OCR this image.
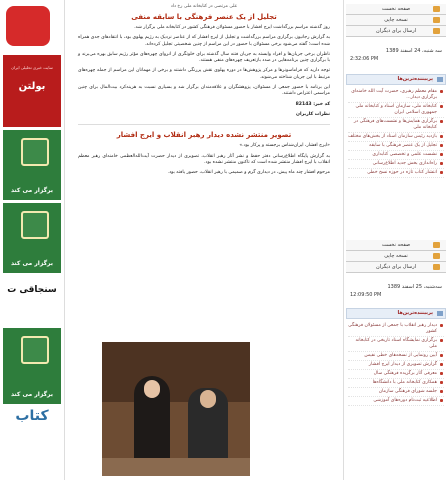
صفحه نخست
نسخه چاپی
ارسال برای دیگران
سه شنبه، 24 اسفند 1389
2:32:06 PM
پربیننده‌ترین‌ها
مقام معظم رهبری، حضرت آیت الله خامنه‌ای برگزاری دیدار...
کتابخانه ملی، سازمان اسناد و کتابخانه ملی جمهوری اسلامی ایران
برگزاری همایش‌ها و نشست‌های فرهنگی در کتابخانه ملی
بازدید رئیس سازمان اسناد از بخش‌های مختلف
تجلیل از یک عنصر فرهنگی با سابقه
نشست علمی و تخصصی کتابداری
راه‌اندازی بخش جدید اطلاع‌رسانی
انتشار کتاب تازه در حوزه نسخ خطی
صفحه نخست
نسخه چاپی
ارسال برای دیگران
سه‌شنبه، 25 اسفند 1389
12:09:50 PM
پربیننده‌ترین‌ها
دیدار رهبر انقلاب با جمعی از مسئولان فرهنگی کشور
برگزاری نمایشگاه اسناد تاریخی در کتابخانه ملی
آیین رونمایی از نسخه‌های خطی نفیس
گزارش تصویری از دیدار ایرج افشار
معرفی آثار برگزیده فرهنگی سال
همکاری کتابخانه ملی با دانشگاه‌ها
جلسه شورای فرهنگی سازمان
اطلاعیه ثبت‌نام دوره‌های آموزشی
سایت خبری تحلیلی ایران
بولتن
برگزار می کند
برگزار می کند
سنجاقی ت
برگزار می کند
کتاب
علی مرتضی در کتابخانه ملی رخ داد
تجلیل از یک عنصر فرهنگی با سابقه منفی
روز گذشته مراسم بزرگداشت ایرج افشار با حضور مسئولان فرهنگی کشور در کتابخانه ملی برگزار شد.
به گزارش رجانیوز، برگزاری مراسم بزرگداشت و تجلیل از ایرج افشار که از عناصر نزدیک به رژیم پهلوی بود، با انتقادهای جدی همراه شده است؛ گفته می‌شود برخی مسئولان با حضور در این مراسم از چنین شخصیتی تجلیل کرده‌اند.
ناظران برخی جریان‌ها و افراد وابسته به جریان فتنه سال گذشته برای خلوتگری از انزوای چهره‌های مؤثر رژیم سابق بهره می‌برند و با برگزاری چنین برنامه‌هایی در صدد بازتعریف چهره‌های منفی هستند.
توجه دارید که فراماسونرها و مرکز پژوهش‌ها در دوره پهلوی نقش پررنگی داشتند و برخی از مهمانان این مراسم از جمله چهره‌های مرتبط با این جریان شناخته می‌شوند.
این برنامه با حضور جمعی از مسئولان، پژوهشگران و علاقه‌مندان برگزار شد و بسیاری نسبت به هزینه‌کرد بیت‌المال برای چنین مراسمی اعتراض داشتند.
کد خبر: 82143
نظرات کاربران
تصویر منتشر نشده دیدار رهبر انقلاب و ایرج افشار
«ایرج افشار، ایران‌شناس برجسته و پرکار بود.»
به گزارش پایگاه اطلاع‌رسانی دفتر حفظ و نشر آثار رهبر انقلاب، تصویری از دیدار حضرت آیت‌الله‌العظمی خامنه‌ای رهبر معظم انقلاب با ایرج افشار منتشر شده است که تاکنون منتشر نشده بود.
مرحوم افشار چند ماه پیش، در دیداری گرم و صمیمی با رهبر انقلاب، حضور یافته بود.
